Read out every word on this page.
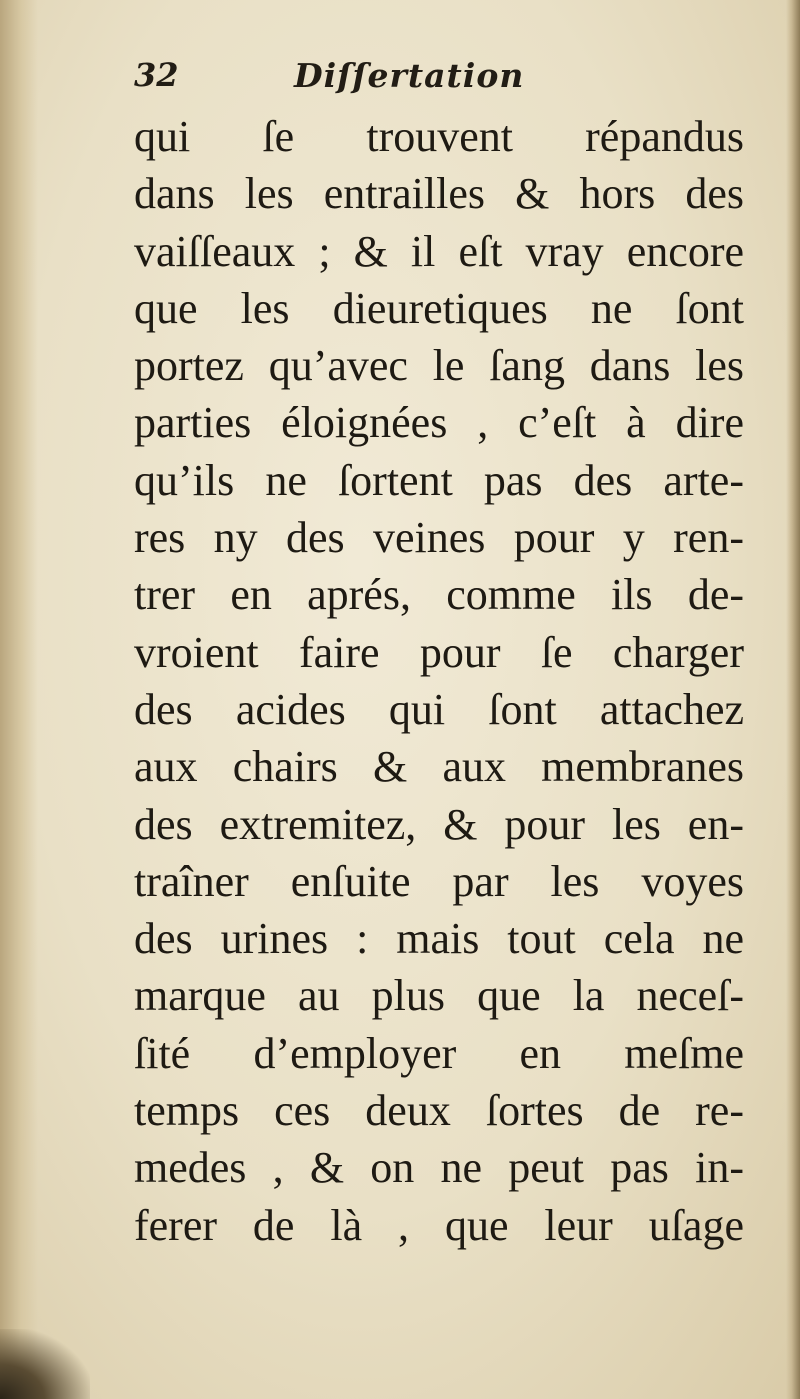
32	Diſſertation
qui ſe trouvent répandus
dans les entrailles & hors des
vaiſſeaux ; & il eſt vray encore
que les dieuretiques ne ſont
portez qu’avec le ſang dans les
parties éloignées , c’eſt à dire
qu’ils ne ſortent pas des arte-
res ny des veines pour y ren-
trer en aprés, comme ils de-
vroient faire pour ſe charger
des acides qui ſont attachez
aux chairs & aux membranes
des extremitez, & pour les en-
traîner enſuite par les voyes
des urines : mais tout cela ne
marque au plus que la neceſ-
ſité d’employer en meſme
temps ces deux ſortes de re-
medes , & on ne peut pas in-
ferer de là , que leur uſage
